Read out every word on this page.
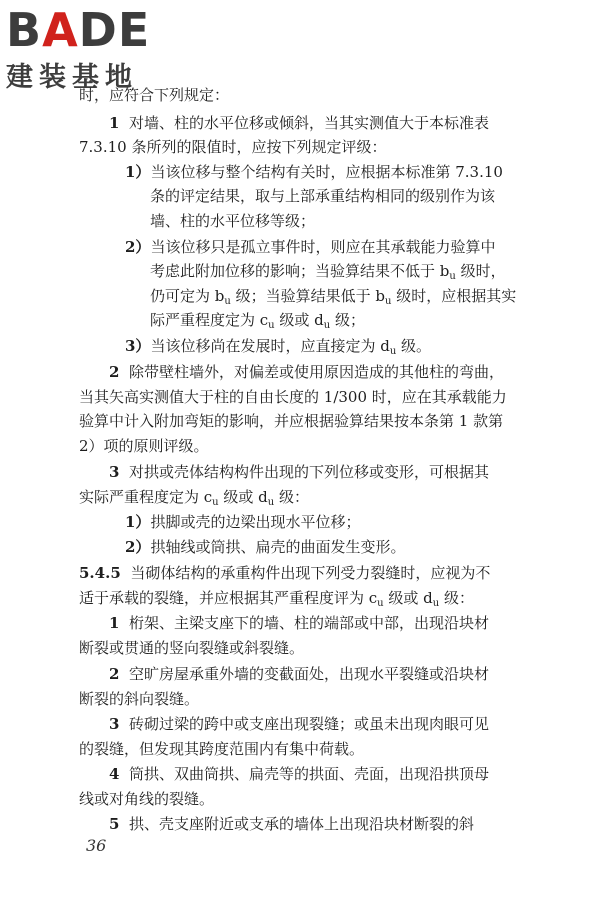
BADE
建装基地
时，应符合下列规定：
1 对墙、柱的水平位移或倾斜，当其实测值大于本标准表
7.3.10 条所列的限值时，应按下列规定评级：
1）当该位移与整个结构有关时，应根据本标准第 7.3.10
条的评定结果，取与上部承重结构相同的级别作为该
墙、柱的水平位移等级；
2）当该位移只是孤立事件时，则应在其承载能力验算中
考虑此附加位移的影响；当验算结果不低于 $b_u$ 级时，
仍可定为 $b_u$ 级；当验算结果低于 $b_u$ 级时，应根据其实
际严重程度定为 $c_u$ 级或 $d_u$ 级；
3）当该位移尚在发展时，应直接定为 $d_u$ 级。
2 除带壁柱墙外，对偏差或使用原因造成的其他柱的弯曲，
当其矢高实测值大于柱的自由长度的 1/300 时，应在其承载能力
验算中计入附加弯矩的影响，并应根据验算结果按本条第 1 款第
2）项的原则评级。
3 对拱或壳体结构构件出现的下列位移或变形，可根据其
实际严重程度定为 $c_u$ 级或 $d_u$ 级：
1）拱脚或壳的边梁出现水平位移；
2）拱轴线或筒拱、扁壳的曲面发生变形。
5.4.5 当砌体结构的承重构件出现下列受力裂缝时，应视为不
适于承载的裂缝，并应根据其严重程度评为 $c_u$ 级或 $d_u$ 级：
1 桁架、主梁支座下的墙、柱的端部或中部，出现沿块材
断裂或贯通的竖向裂缝或斜裂缝。
2 空旷房屋承重外墙的变截面处，出现水平裂缝或沿块材
断裂的斜向裂缝。
3 砖砌过梁的跨中或支座出现裂缝；或虽未出现肉眼可见
的裂缝，但发现其跨度范围内有集中荷载。
4 筒拱、双曲筒拱、扁壳等的拱面、壳面，出现沿拱顶母
线或对角线的裂缝。
5 拱、壳支座附近或支承的墙体上出现沿块材断裂的斜
36
